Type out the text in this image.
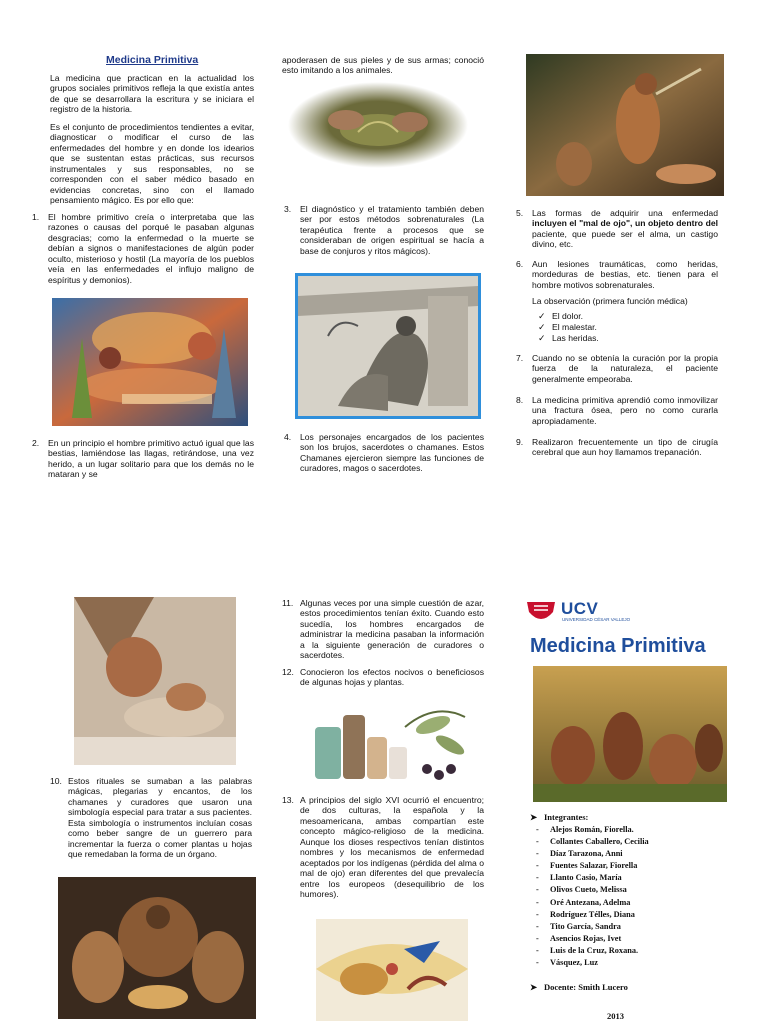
Medicina Primitiva
La medicina que practican en la actualidad los grupos sociales primitivos refleja la que existía antes de que se desarrollara la escritura y se iniciara el registro de la historia.
Es el conjunto de procedimientos tendientes a evitar, diagnosticar o modificar el curso de las enfermedades del hombre y en donde los idearios que se sustentan estas prácticas, sus recursos instrumentales y sus responsables, no se corresponden con el saber médico basado en evidencias concretas, sino con el llamado pensamiento mágico. Es por ello que:
1. El hombre primitivo creía o interpretaba que las razones o causas del porqué le pasaban algunas desgracias; como la enfermedad o la muerte se debían a signos o manifestaciones de algún poder oculto, misterioso y hostil (La mayoría de los pueblos veía en las enfermedades el influjo maligno de espíritus y demonios).
2. En un principio el hombre primitivo actuó igual que las bestias, lamiéndose las llagas, retirándose, una vez herido, a un lugar solitario para que los demás no le mataran y se
apoderasen de sus pieles y de sus armas; conoció esto imitando a los animales.
3. El diagnóstico y el tratamiento también deben ser por estos métodos sobrenaturales (La terapéutica frente a procesos que se consideraban de origen espiritual se hacía a base de conjuros y ritos mágicos).
4. Los personajes encargados de los pacientes son los brujos, sacerdotes o chamanes. Estos Chamanes ejercieron siempre las funciones de curadores, magos o sacerdotes.
5. Las formas de adquirir una enfermedad incluyen el "mal de ojo", un objeto dentro del paciente, que puede ser el alma, un castigo divino, etc.
6. Aun lesiones traumáticas, como heridas, mordeduras de bestias, etc. tienen para el hombre motivos sobrenaturales.
La observación (primera función médica)
✓ El dolor.
✓ El malestar.
✓ Las heridas.
7. Cuando no se obtenía la curación por la propia fuerza de la naturaleza, el paciente generalmente empeoraba.
8. La medicina primitiva aprendió como inmovilizar una fractura ósea, pero no como curarla apropiadamente.
9. Realizaron frecuentemente un tipo de cirugía cerebral que aun hoy llamamos trepanación.
10. Estos rituales se sumaban a las palabras mágicas, plegarias y encantos, de los chamanes y curadores que usaron una simbología especial para tratar a sus pacientes. Esta simbología o instrumentos incluían cosas como beber sangre de un guerrero para incrementar la fuerza o comer plantas u hojas que remedaban la forma de un órgano.
11. Algunas veces por una simple cuestión de azar, estos procedimientos tenían éxito. Cuando esto sucedía, los hombres encargados de administrar la medicina pasaban la información a la siguiente generación de curadores o sacerdotes.
12. Conocieron los efectos nocivos o beneficiosos de algunas hojas y plantas.
13. A principios del siglo XVI ocurrió el encuentro; de dos culturas, la española y la mesoamericana, ambas compartían este concepto mágico-religioso de la medicina. Aunque los dioses respectivos tenían distintos nombres y los mecanismos de enfermedad aceptados por los indígenas (pérdida del alma o mal de ojo) eran diferentes del que prevalecía entre los europeos (desequilibrio de los humores).
UCV
UNIVERSIDAD CÉSAR VALLEJO
Medicina Primitiva
➤ Integrantes:
- Alejos Román, Fiorella.
- Collantes Caballero, Cecilia
- Díaz Tarazona, Anni
- Fuentes Salazar, Fiorella
- Llanto Casio, María
- Olivos Cueto, Melissa
- Oré Antezana, Adelma
- Rodríguez Télles, Diana
- Tito García, Sandra
- Asencios Rojas, Ivet
- Luis de la Cruz, Roxana.
- Vásquez, Luz
➤ Docente: Smith Lucero
2013
